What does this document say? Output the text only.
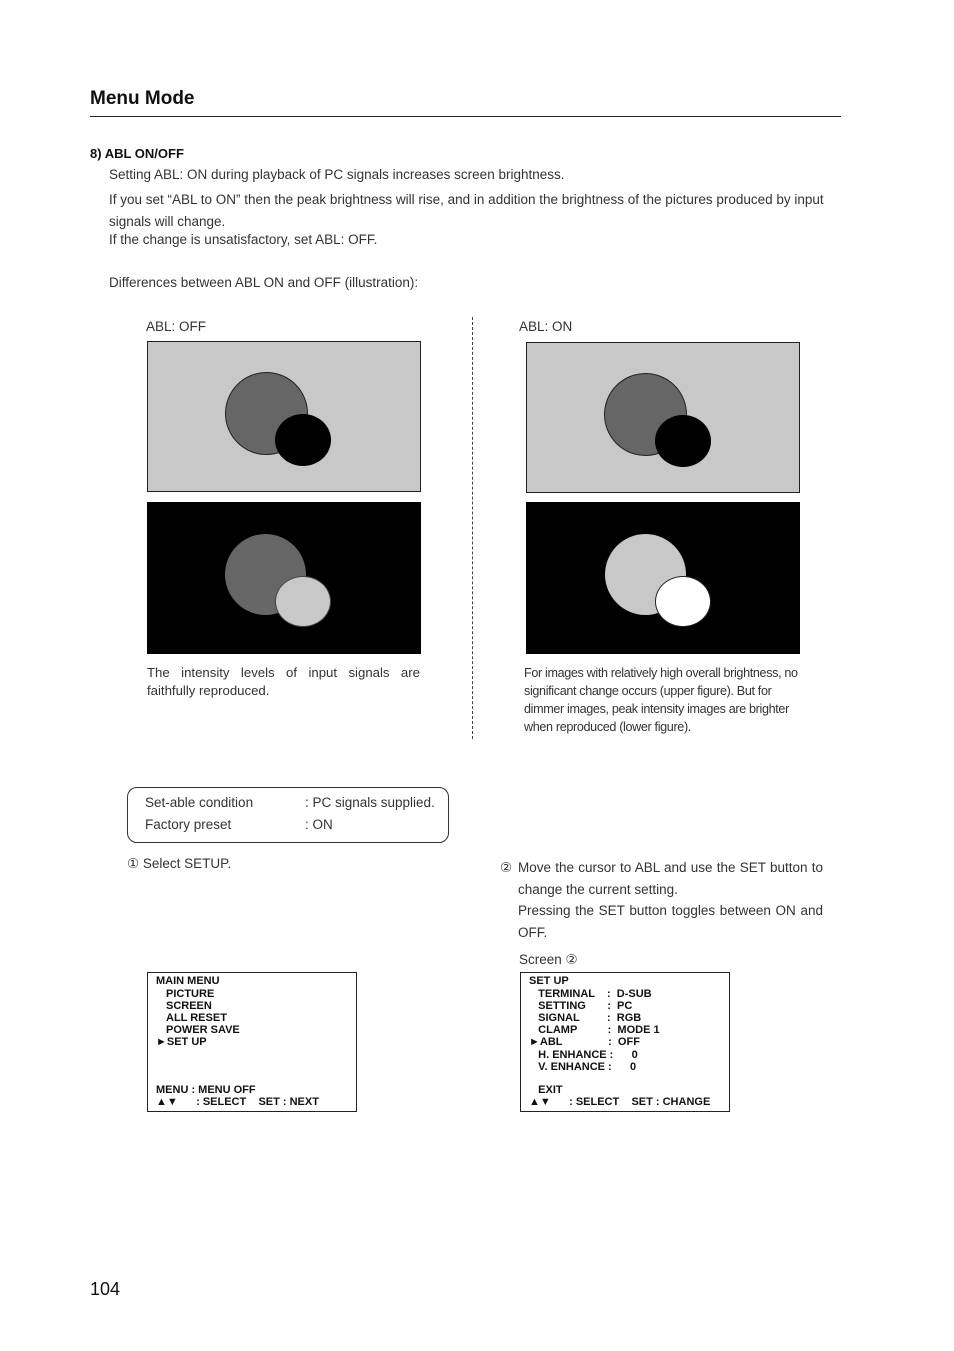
Menu Mode
8) ABL ON/OFF
Setting ABL: ON during playback of PC signals increases screen brightness.
If you set “ABL to ON” then the peak brightness will rise, and in addition the brightness of the pictures produced by input signals will change.
If the change is unsatisfactory, set ABL: OFF.
Differences between ABL ON and OFF (illustration):
ABL: OFF	ABL: ON
The intensity levels of input signals are faithfully reproduced.
For images with relatively high overall brightness, no significant change occurs (upper figure). But for dimmer images, peak intensity images are brighter when reproduced (lower figure).
Set-able condition	: PC signals supplied.
Factory preset	: ON
① Select SETUP.	② Move the cursor to ABL and use the SET button to change the current setting.
Pressing the SET button toggles between ON and OFF.
Screen ②
MAIN MENU
PICTURE
SCREEN
ALL RESET
POWER SAVE
►SET UP
MENU : MENU OFF
▲▼      : SELECT    SET : NEXT
SET UP
TERMINAL    :  D-SUB
SETTING       :  PC
SIGNAL         :  RGB
CLAMP          :  MODE 1
►ABL               :  OFF
H. ENHANCE :      0
V. ENHANCE :      0
EXIT
▲▼      : SELECT    SET : CHANGE
104
